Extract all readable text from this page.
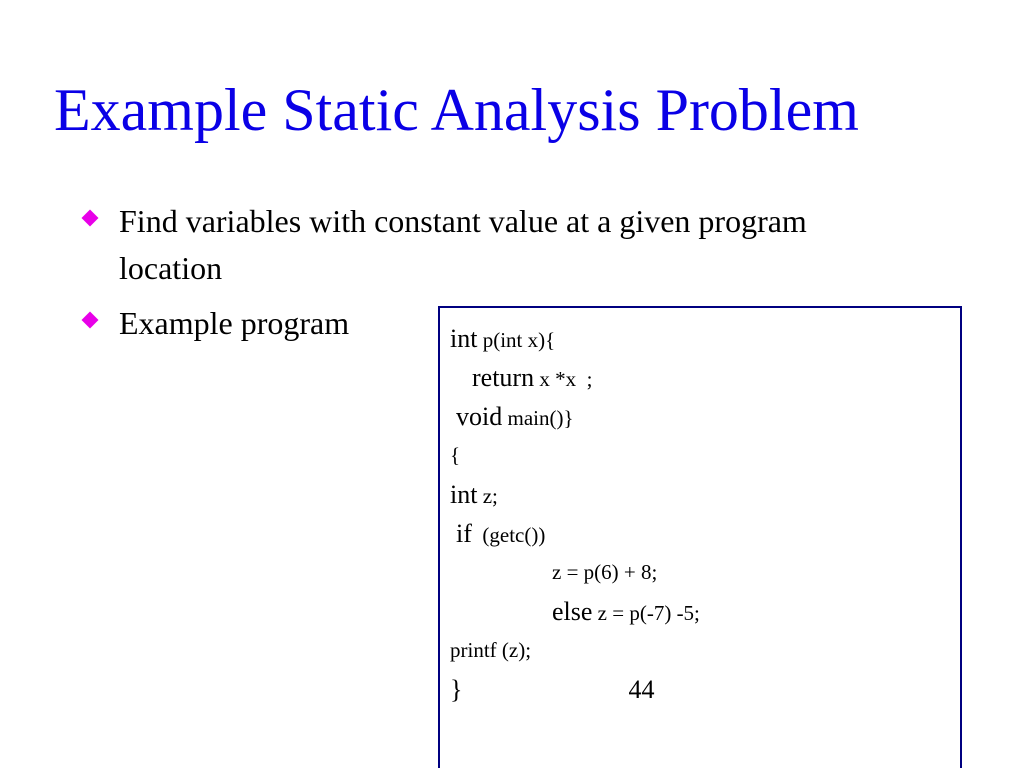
Example Static Analysis Problem
Find variables with constant value at a given program location
Example program	int p(int x){
return x *x  ;
void main()}
{
int z;
if  (getc())
z = p(6) + 8;
else z = p(-7) -5;
printf (z);
}	44
